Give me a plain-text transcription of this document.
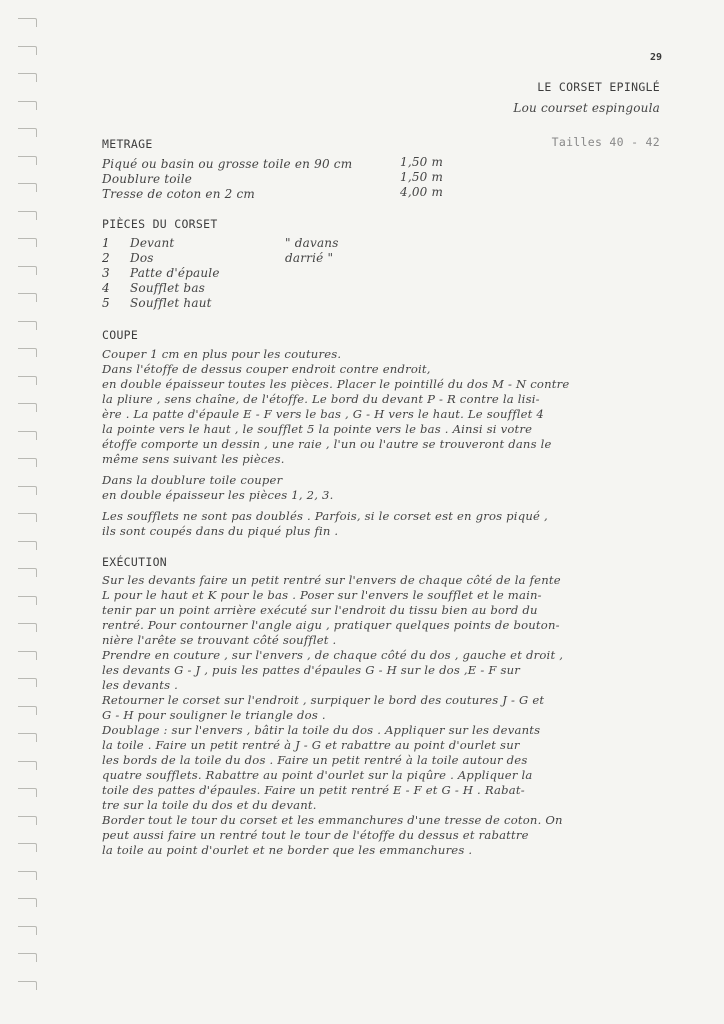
29
LE CORSET EPINGLÉ
Lou courset espingoula
Tailles 40 - 42
METRAGE
Piqué ou basin ou grosse toile en 90 cm	1,50 m
Doublure toile	1,50 m
Tresse de coton en 2 cm	4,00 m
PIÈCES DU CORSET
1 Devant	" davans
2 Dos	darrié "
3 Patte d'épaule
4 Soufflet bas
5 Soufflet haut
COUPE
Couper 1 cm en plus pour les coutures.
Dans l'étoffe de dessus couper endroit contre endroit,
en double épaisseur toutes les pièces. Placer le pointillé du dos M - N contre
la pliure , sens chaîne, de l'étoffe. Le bord du devant P - R contre la lisi-
ère . La patte d'épaule E - F vers le bas , G - H vers le haut. Le soufflet 4
la pointe vers le haut , le soufflet 5 la pointe vers le bas . Ainsi si votre
étoffe comporte un dessin , une raie , l'un ou l'autre se trouveront dans le
même sens suivant les pièces.
Dans la doublure toile couper
en double épaisseur les pièces 1, 2, 3.
Les soufflets ne sont pas doublés . Parfois, si le corset est en gros piqué ,
ils sont coupés dans du piqué plus fin .
EXÉCUTION
Sur les devants faire un petit rentré sur l'envers de chaque côté de la fente
L pour le haut et K pour le bas . Poser sur l'envers le soufflet et le main-
tenir par un point arrière exécuté sur l'endroit du tissu bien au bord du
rentré. Pour contourner l'angle aigu , pratiquer quelques points de bouton-
nière l'arête se trouvant côté soufflet .
Prendre en couture , sur l'envers , de chaque côté du dos , gauche et droit ,
les devants G - J , puis les pattes d'épaules G - H sur le dos ,E - F sur
les devants .
Retourner le corset sur l'endroit , surpiquer le bord des coutures J - G et
G - H pour souligner le triangle dos .
Doublage : sur l'envers , bâtir la toile du dos . Appliquer sur les devants
la toile . Faire un petit rentré à J - G et rabattre au point d'ourlet sur
les bords de la toile du dos . Faire un petit rentré à la toile autour des
quatre soufflets. Rabattre au point d'ourlet sur la piqûre . Appliquer la
toile des pattes d'épaules. Faire un petit rentré E - F et G - H . Rabat-
tre sur la toile du dos et du devant.
Border tout le tour du corset et les emmanchures d'une tresse de coton. On
peut aussi faire un rentré tout le tour de l'étoffe du dessus et rabattre
la toile au point d'ourlet et ne border que les emmanchures .
